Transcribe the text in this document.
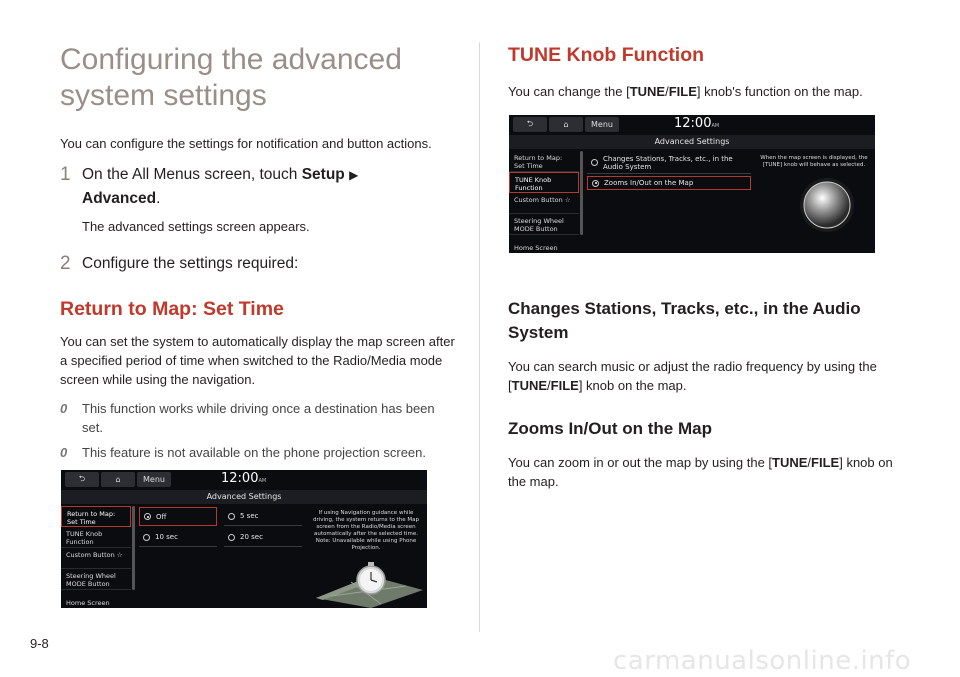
Configuring the advanced
system settings
You can configure the settings for notification and button actions.
1 On the All Menus screen, touch Setup ▶
Advanced.
The advanced settings screen appears.
2 Configure the settings required:
Return to Map: Set Time
You can set the system to automatically display the map screen after a specified period of time when switched to the Radio/Media mode screen while using the navigation.
0	This function works while driving once a destination has been set.
0	This feature is not available on the phone projection screen.
⮌	⌂	Menu	12:00AM
Advanced Settings
Return to Map: Set Time
TUNE Knob Function
Custom Button ☆
Steering Wheel MODE Button
Home Screen
Off	5 sec
10 sec	20 sec
If using Navigation guidance while driving, the system returns to the Map screen from the Radio/Media screen automatically after the selected time. Note: Unavailable while using Phone Projection.
TUNE Knob Function
You can change the [TUNE/FILE] knob's function on the map.
Changes Stations, Tracks, etc., in the Audio System
You can search music or adjust the radio frequency by using the [TUNE/FILE] knob on the map.
Zooms In/Out on the Map
You can zoom in or out the map by using the [TUNE/FILE] knob on the map.
⮌	⌂	Menu	12:00AM
Advanced Settings
Return to Map: Set Time
TUNE Knob Function
Custom Button ☆
Steering Wheel MODE Button
Home Screen
Changes Stations, Tracks, etc., in the Audio System
Zooms In/Out on the Map
When the map screen is displayed, the [TUNE] knob will behave as selected.
9-8
carmanualsonline.info
